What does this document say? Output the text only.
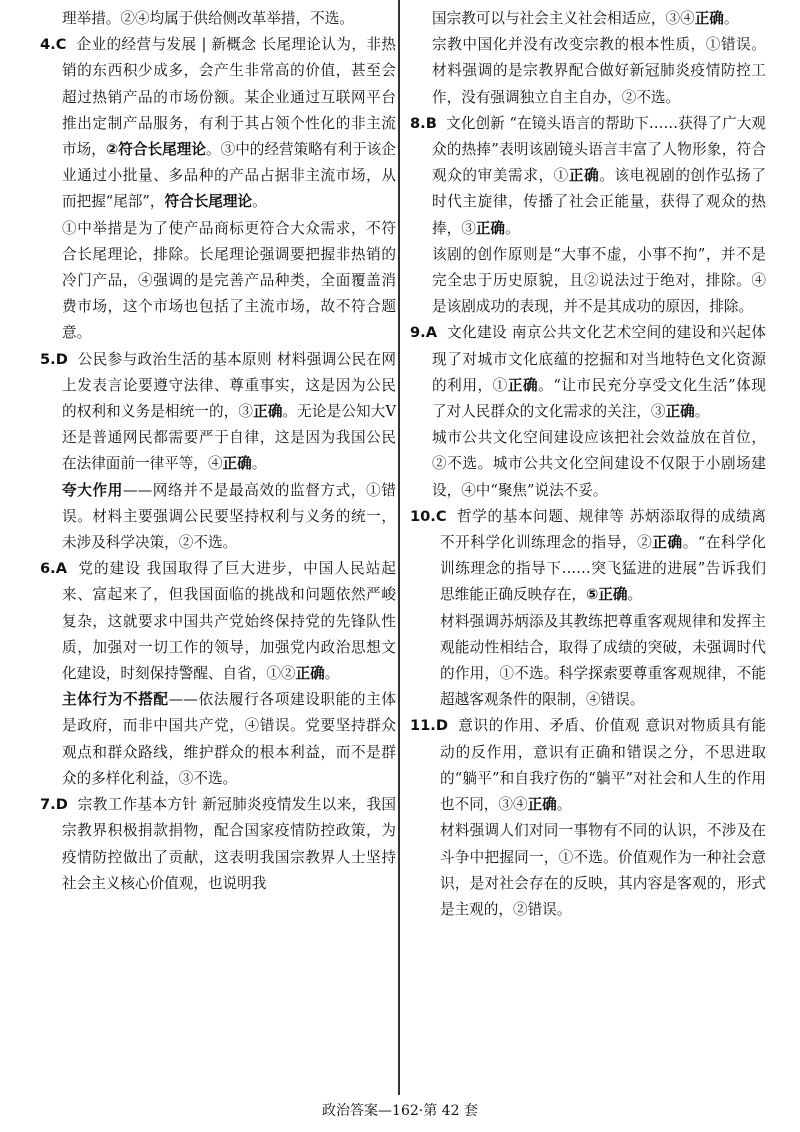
理举措。②④均属于供给侧改革举措，不选。

4.C 企业的经营与发展 | 新概念 长尾理论认为，非热销的东西积少成多，会产生非常高的价值，甚至会超过热销产品的市场份额。某企业通过互联网平台推出定制产品服务，有利于其占领个性化的非主流市场，②符合长尾理论。③中的经营策略有利于该企业通过小批量、多品种的产品占据非主流市场，从而把握“尾部”，符合长尾理论。

①中举措是为了使产品商标更符合大众需求，不符合长尾理论，排除。长尾理论强调要把握非热销的冷门产品，④强调的是完善产品种类，全面覆盖消费市场，这个市场也包括了主流市场，故不符合题意。

5.D 公民参与政治生活的基本原则 材料强调公民在网上发表言论要遵守法律、尊重事实，这是因为公民的权利和义务是相统一的，③正确。无论是公知大V还是普通网民都需要严于自律，这是因为我国公民在法律面前一律平等，④正确。

夸大作用——网络并不是最高效的监督方式，①错误。材料主要强调公民要坚持权利与义务的统一，未涉及科学决策，②不选。

6.A 党的建设 我国取得了巨大进步，中国人民站起来、富起来了，但我国面临的挑战和问题依然严峻复杂，这就要求中国共产党始终保持党的先锋队性质，加强对一切工作的领导，加强党内政治思想文化建设，时刻保持警醒、自省，①②正确。

主体行为不搭配——依法履行各项建设职能的主体是政府，而非中国共产党，④错误。党要坚持群众观点和群众路线，维护群众的根本利益，而不是群众的多样化利益，③不选。

7.D 宗教工作基本方针 新冠肺炎疫情发生以来，我国宗教界积极捐款捐物，配合国家疫情防控政策，为疫情防控做出了贡献，这表明我国宗教界人士坚持社会主义核心价值观，也说明我

国宗教可以与社会主义社会相适应，③④正确。

宗教中国化并没有改变宗教的根本性质，①错误。材料强调的是宗教界配合做好新冠肺炎疫情防控工作，没有强调独立自主自办，②不选。

8.B 文化创新 “在镜头语言的帮助下……获得了广大观众的热捧”表明该剧镜头语言丰富了人物形象，符合观众的审美需求，①正确。该电视剧的创作弘扬了时代主旋律，传播了社会正能量，获得了观众的热捧，③正确。

该剧的创作原则是“大事不虚，小事不拘”，并不是完全忠于历史原貌，且②说法过于绝对，排除。④是该剧成功的表现，并不是其成功的原因，排除。

9.A 文化建设 南京公共文化艺术空间的建设和兴起体现了对城市文化底蕴的挖掘和对当地特色文化资源的利用，①正确。“让市民充分享受文化生活”体现了对人民群众的文化需求的关注，③正确。

城市公共文化空间建设应该把社会效益放在首位，②不选。城市公共文化空间建设不仅限于小剧场建设，④中“聚焦”说法不妥。

10.C 哲学的基本问题、规律等 苏炳添取得的成绩离不开科学化训练理念的指导，②正确。“在科学化训练理念的指导下……突飞猛进的进展”告诉我们思维能正确反映存在，⑤正确。

材料强调苏炳添及其教练把尊重客观规律和发挥主观能动性相结合，取得了成绩的突破，未强调时代的作用，①不选。科学探索要尊重客观规律，不能超越客观条件的限制，④错误。

11.D 意识的作用、矛盾、价值观 意识对物质具有能动的反作用，意识有正确和错误之分，不思进取的“躺平”和自我疗伤的“躺平”对社会和人生的作用也不同，③④正确。

材料强调人们对同一事物有不同的认识，不涉及在斗争中把握同一，①不选。价值观作为一种社会意识，是对社会存在的反映，其内容是客观的，形式是主观的，②错误。

政治答案—162·第 42 套
